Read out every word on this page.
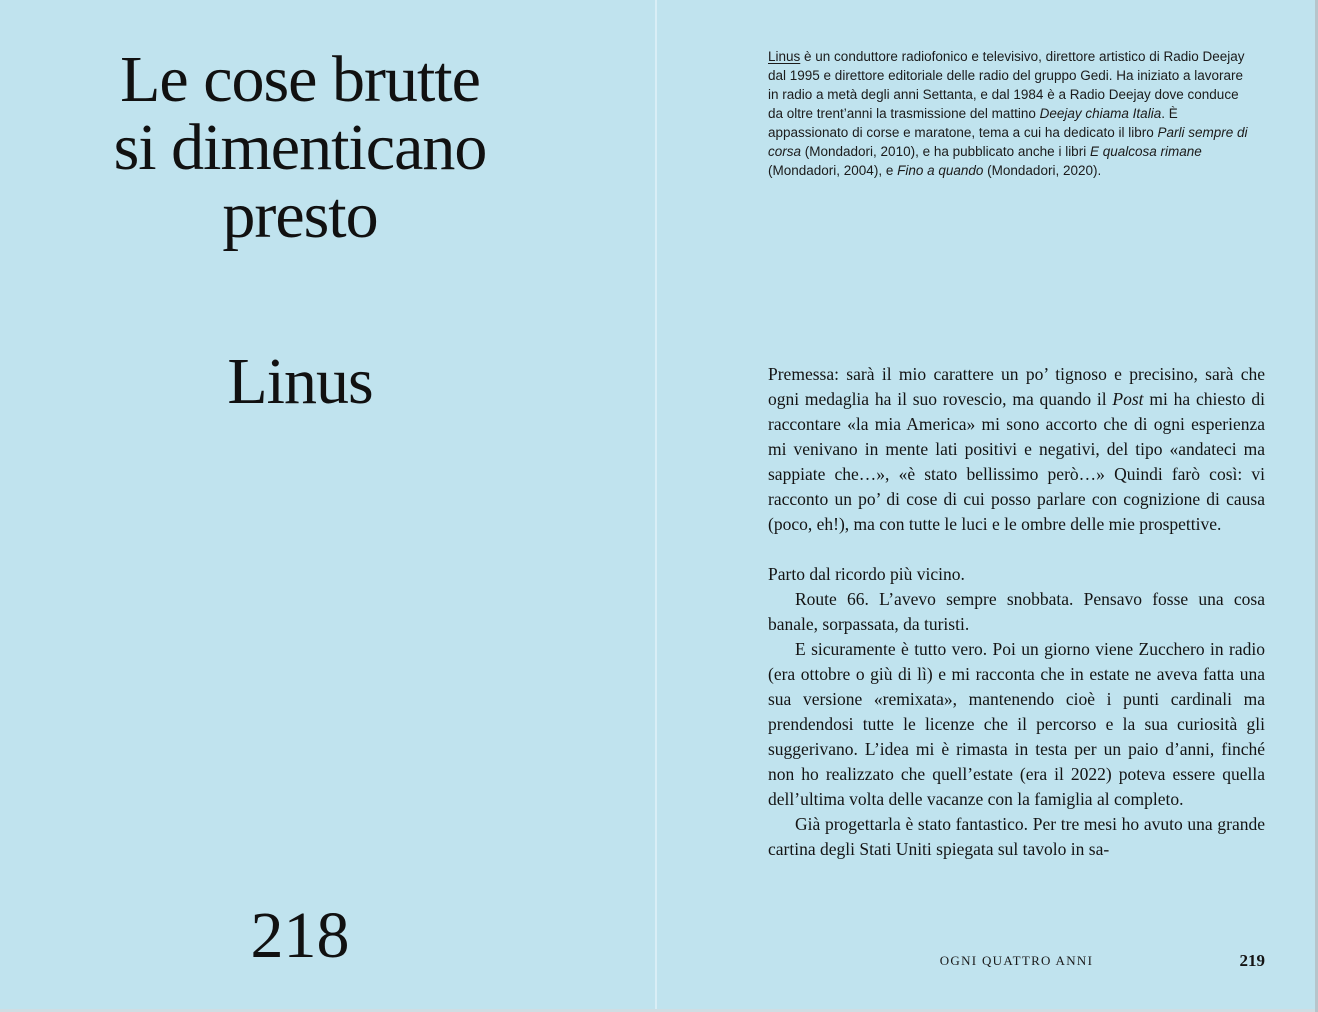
Le cose brutte
si dimenticano
presto
Linus
218

Linus è un conduttore radiofonico e televisivo, direttore artistico di Radio Deejay dal 1995 e direttore editoriale delle radio del gruppo Gedi. Ha iniziato a lavorare in radio a metà degli anni Settanta, e dal 1984 è a Radio Deejay dove conduce da oltre trent’anni la trasmissione del mattino Deejay chiama Italia. È appassionato di corse e maratone, tema a cui ha dedicato il libro Parli sempre di corsa (Mondadori, 2010), e ha pubblicato anche i libri E qualcosa rimane (Mondadori, 2004), e Fino a quando (Mondadori, 2020).

Premessa: sarà il mio carattere un po’ tignoso e precisino, sarà che ogni medaglia ha il suo rovescio, ma quando il Post mi ha chiesto di raccontare «la mia America» mi sono accorto che di ogni esperienza mi venivano in mente lati positivi e negativi, del tipo «andateci ma sappiate che…», «è stato bellissimo però…» Quindi farò così: vi racconto un po’ di cose di cui posso parlare con cognizione di causa (poco, eh!), ma con tutte le luci e le ombre delle mie prospettive.

Parto dal ricordo più vicino.

Route 66. L’avevo sempre snobbata. Pensavo fosse una cosa banale, sorpassata, da turisti.

E sicuramente è tutto vero. Poi un giorno viene Zucchero in radio (era ottobre o giù di lì) e mi racconta che in estate ne aveva fatta una sua versione «remixata», mantenendo cioè i punti cardinali ma prendendosi tutte le licenze che il percorso e la sua curiosità gli suggerivano. L’idea mi è rimasta in testa per un paio d’anni, finché non ho realizzato che quell’estate (era il 2022) poteva essere quella dell’ultima volta delle vacanze con la famiglia al completo.

Già progettarla è stato fantastico. Per tre mesi ho avuto una grande cartina degli Stati Uniti spiegata sul tavolo in sa-

OGNI QUATTRO ANNI	219
